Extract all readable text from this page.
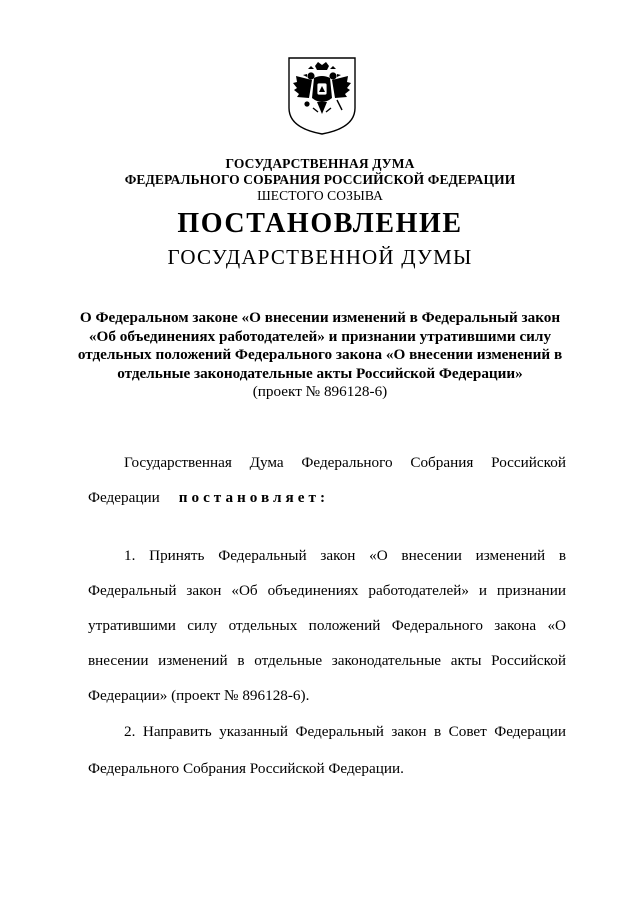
ГОСУДАРСТВЕННАЯ ДУМА
ФЕДЕРАЛЬНОГО СОБРАНИЯ РОССИЙСКОЙ ФЕДЕРАЦИИ
ШЕСТОГО СОЗЫВА
ПОСТАНОВЛЕНИЕ
ГОСУДАРСТВЕННОЙ ДУМЫ
О Федеральном законе «О внесении изменений в Федеральный закон
«Об объединениях работодателей» и признании утратившими силу
отдельных положений Федерального закона «О внесении изменений в
отдельные законодательные акты Российской Федерации»
(проект № 896128-6)
Государственная Дума Федерального Собрания Российской
Федерации постановляет:
1. Принять Федеральный закон «О внесении изменений в
Федеральный закон «Об объединениях работодателей» и признании
утратившими силу отдельных положений Федерального закона «О
внесении изменений в отдельные законодательные акты Российской
Федерации» (проект № 896128-6).
2. Направить указанный Федеральный закон в Совет Федерации
Федерального Собрания Российской Федерации.
